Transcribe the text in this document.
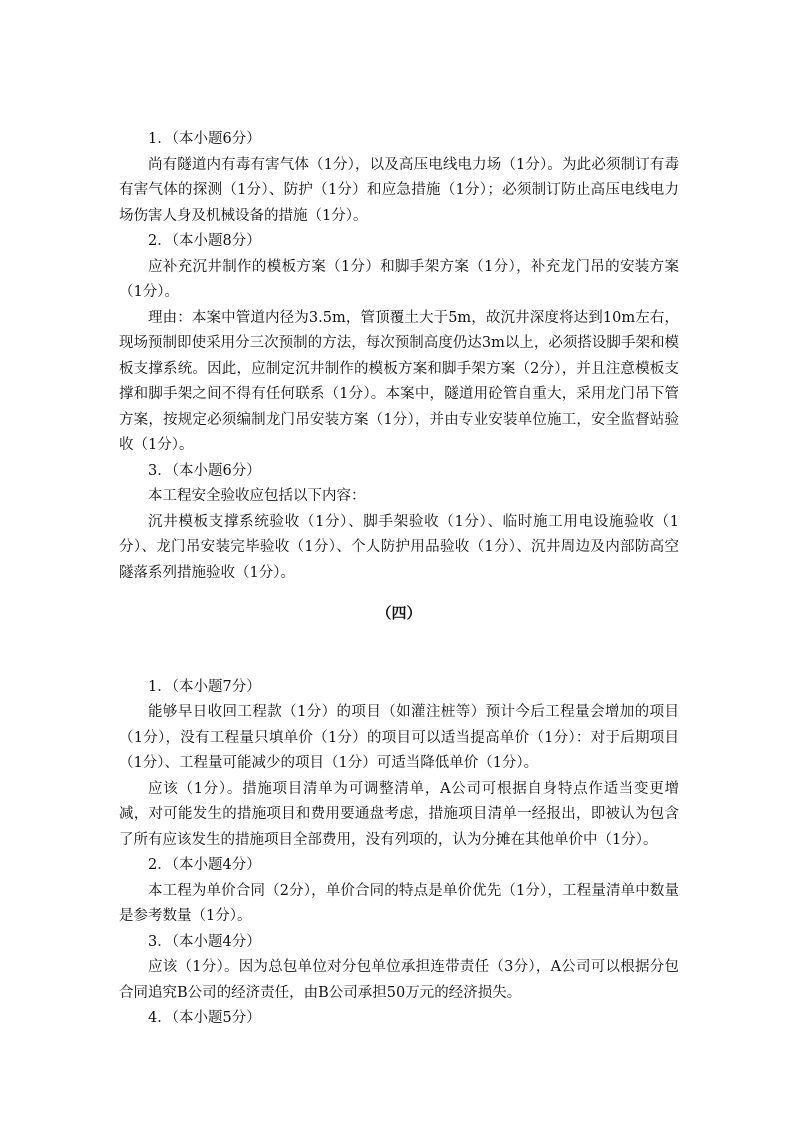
1．（本小题6分）

尚有隧道内有毒有害气体（1分），以及高压电线电力场（1分）。为此必须制订有毒有害气体的探测（1分）、防护（1分）和应急措施（1分）；必须制订防止高压电线电力场伤害人身及机械设备的措施（1分）。

2．（本小题8分）

应补充沉井制作的模板方案（1分）和脚手架方案（1分），补充龙门吊的安装方案（1分）。

理由：本案中管道内径为3.5m，管顶覆土大于5m，故沉井深度将达到10m左右，现场预制即使采用分三次预制的方法，每次预制高度仍达3m以上，必须搭设脚手架和模板支撑系统。因此，应制定沉井制作的模板方案和脚手架方案（2分），并且注意模板支撑和脚手架之间不得有任何联系（1分）。本案中，隧道用砼管自重大，采用龙门吊下管方案，按规定必须编制龙门吊安装方案（1分），并由专业安装单位施工，安全监督站验收（1分）。

3．（本小题6分）

本工程安全验收应包括以下内容：

沉井模板支撑系统验收（1分）、脚手架验收（1分）、临时施工用电设施验收（1分）、龙门吊安装完毕验收（1分）、个人防护用品验收（1分）、沉井周边及内部防高空隧落系列措施验收（1分）。

（四）

1．（本小题7分）

能够早日收回工程款（1分）的项目（如灌注桩等）预计今后工程量会增加的项目（1分），没有工程量只填单价（1分）的项目可以适当提高单价（1分）：对于后期项目（1分）、工程量可能减少的项目（1分）可适当降低单价（1分）。

应该（1分）。措施项目清单为可调整清单，A公司可根据自身特点作适当变更增减，对可能发生的措施项目和费用要通盘考虑，措施项目清单一经报出，即被认为包含了所有应该发生的措施项目全部费用，没有列项的，认为分摊在其他单价中（1分）。

2．（本小题4分）

本工程为单价合同（2分），单价合同的特点是单价优先（1分），工程量清单中数量是参考数量（1分）。

3．（本小题4分）

应该（1分）。因为总包单位对分包单位承担连带责任（3分），A公司可以根据分包合同追究B公司的经济责任，由B公司承担50万元的经济损失。

4．（本小题5分）
